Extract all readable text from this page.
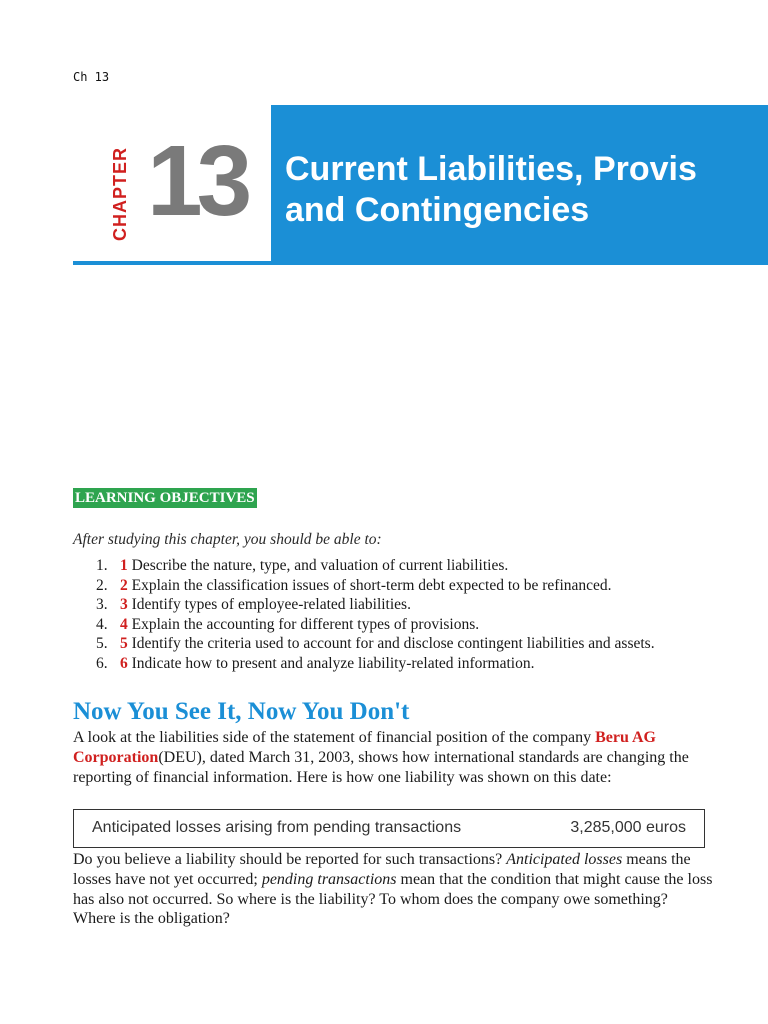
Ch 13
CHAPTER 13 Current Liabilities, Provis
and Contingencies
LEARNING OBJECTIVES
After studying this chapter, you should be able to:
1. 1 Describe the nature, type, and valuation of current liabilities.
2. 2 Explain the classification issues of short-term debt expected to be refinanced.
3. 3 Identify types of employee-related liabilities.
4. 4 Explain the accounting for different types of provisions.
5. 5 Identify the criteria used to account for and disclose contingent liabilities and assets.
6. 6 Indicate how to present and analyze liability-related information.
Now You See It, Now You Don't
A look at the liabilities side of the statement of financial position of the company Beru AG Corporation(DEU), dated March 31, 2003, shows how international standards are changing the reporting of financial information. Here is how one liability was shown on this date:
Anticipated losses arising from pending transactions	3,285,000 euros
Do you believe a liability should be reported for such transactions? Anticipated losses means the losses have not yet occurred; pending transactions mean that the condition that might cause the loss has also not occurred. So where is the liability? To whom does the company owe something? Where is the obligation?
